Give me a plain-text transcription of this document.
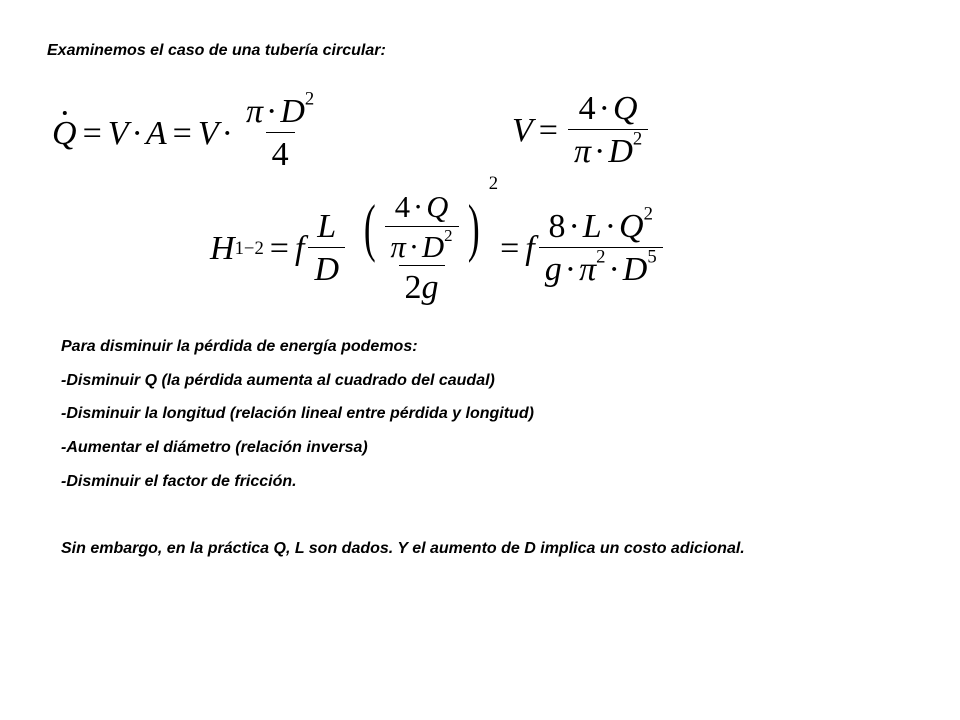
Examinemos el caso de una tubería circular:
$Q = V \cdot A = V \cdot \frac{\pi\cdot D^2}{4}$	$V = \frac{4\cdot Q}{\pi\cdot D^2}$
H 1−2 = f $\frac{L}{D}$ ( $\frac{4\cdot Q}{\pi\cdot D^2}$ )
2
2g
= f $\frac{8\cdot L\cdot Q^2}{g\cdot\pi^2\cdot D^5}$
Para disminuir la pérdida de energía podemos:
-Disminuir Q (la pérdida aumenta al cuadrado del caudal)
-Disminuir la longitud (relación lineal entre pérdida y longitud)
-Aumentar el diámetro (relación inversa)
-Disminuir el factor de fricción.
Sin embargo, en la práctica Q, L son dados. Y el aumento de D implica un costo adicional.
